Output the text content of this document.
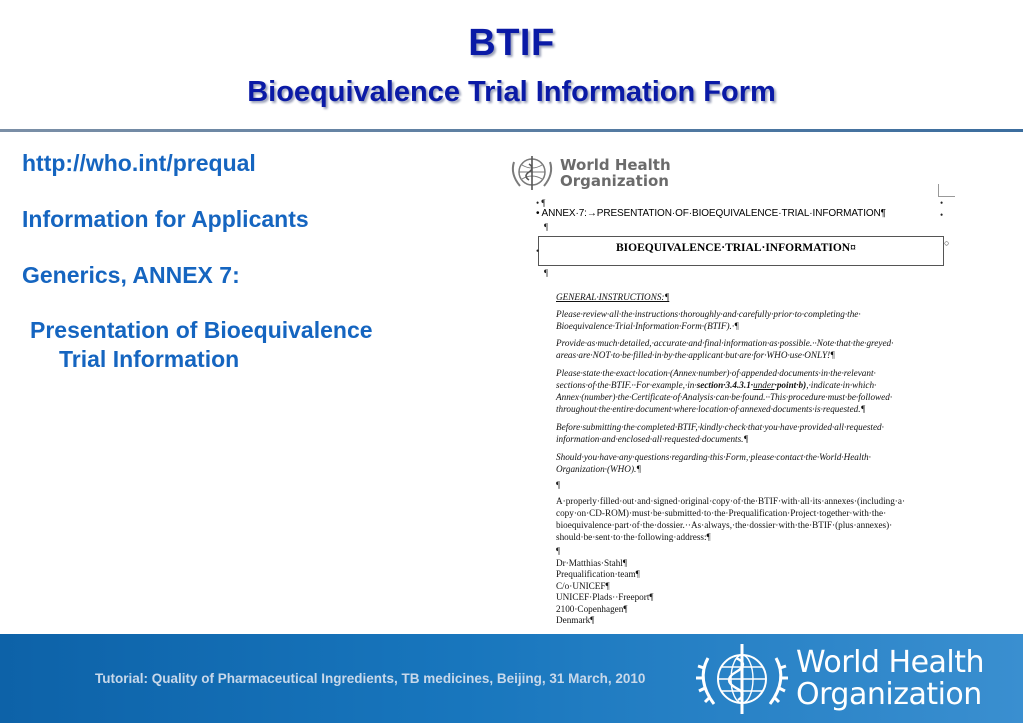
BTIF
Bioequivalence Trial Information Form
http://who.int/prequal
Information for Applicants
Generics, ANNEX 7:
Presentation of Bioequivalence
Trial Information
World Health
Organization
• ¶	•
• ANNEX·7:→PRESENTATION·OF·BIOEQUIVALENCE·TRIAL·INFORMATION¶	•
¶
BIOEQUIVALENCE·TRIAL·INFORMATION¤
•
○
¶

GENERAL·INSTRUCTIONS:¶

Please·review·all·the·instructions·thoroughly·and·carefully·prior·to·completing·the· Bioequivalence·Trial·Information·Form·(BTIF).·¶

Provide·as·much·detailed,·accurate·and·final·information·as·possible.··Note·that·the·greyed· areas·are·NOT·to·be·filled·in·by·the·applicant·but·are·for·WHO·use·ONLY!¶

Please·state·the·exact·location·(Annex·number)·of·appended·documents·in·the·relevant· sections·of·the·BTIF.··For·example,·in·section·3.4.3.1·under·point·b),·indicate·in·which· Annex·(number)·the·Certificate·of·Analysis·can·be·found.··This·procedure·must·be·followed· throughout·the·entire·document·where·location·of·annexed·documents·is·requested.¶

Before·submitting·the·completed·BTIF,·kindly·check·that·you·have·provided·all·requested· information·and·enclosed·all·requested·documents.¶

Should·you·have·any·questions·regarding·this·Form,·please·contact·the·World·Health· Organization·(WHO).¶

¶

A·properly·filled·out·and·signed·original·copy·of·the·BTIF·with·all·its·annexes·(including·a· copy·on·CD-ROM)·must·be·submitted·to·the·Prequalification·Project·together·with·the· bioequivalence·part·of·the·dossier.··As·always,·the·dossier·with·the·BTIF·(plus·annexes)· should·be·sent·to·the·following·address:¶

¶
Dr·Matthias·Stahl¶
Prequalification·team¶
C/o·UNICEF¶
UNICEF·Plads··Freeport¶
2100·Copenhagen¶
Denmark¶
Tutorial: Quality of Pharmaceutical Ingredients, TB medicines, Beijing, 31 March, 2010	World Health
Organization
